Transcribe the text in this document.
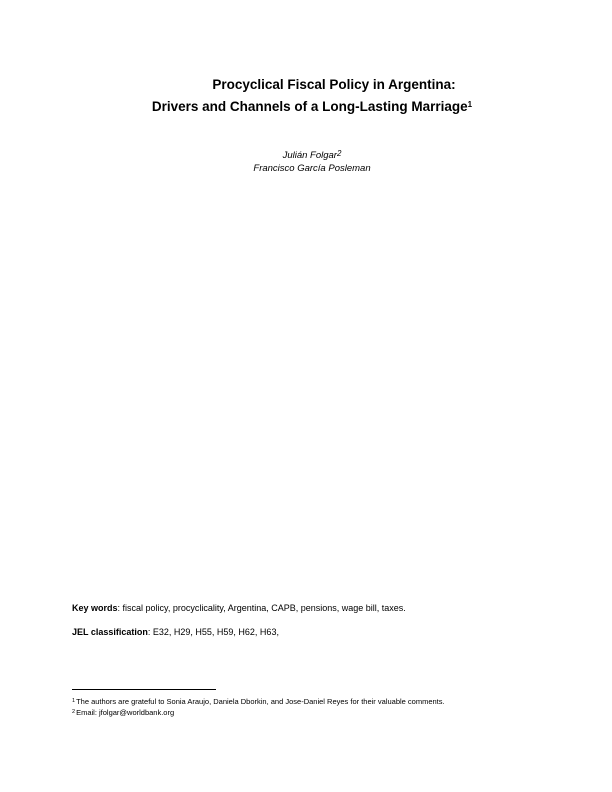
Procyclical Fiscal Policy in Argentina:
Drivers and Channels of a Long-Lasting Marriage$^1$
Julián Folgar$^2$
Francisco García Posleman
Key words: fiscal policy, procyclicality, Argentina, CAPB, pensions, wage bill, taxes.
JEL classification: E32, H29, H55, H59, H62, H63,
$^1$The authors are grateful to Sonia Araujo, Daniela Dborkin, and Jose-Daniel Reyes for their valuable comments.
$^2$Email: jfolgar@worldbank.org
